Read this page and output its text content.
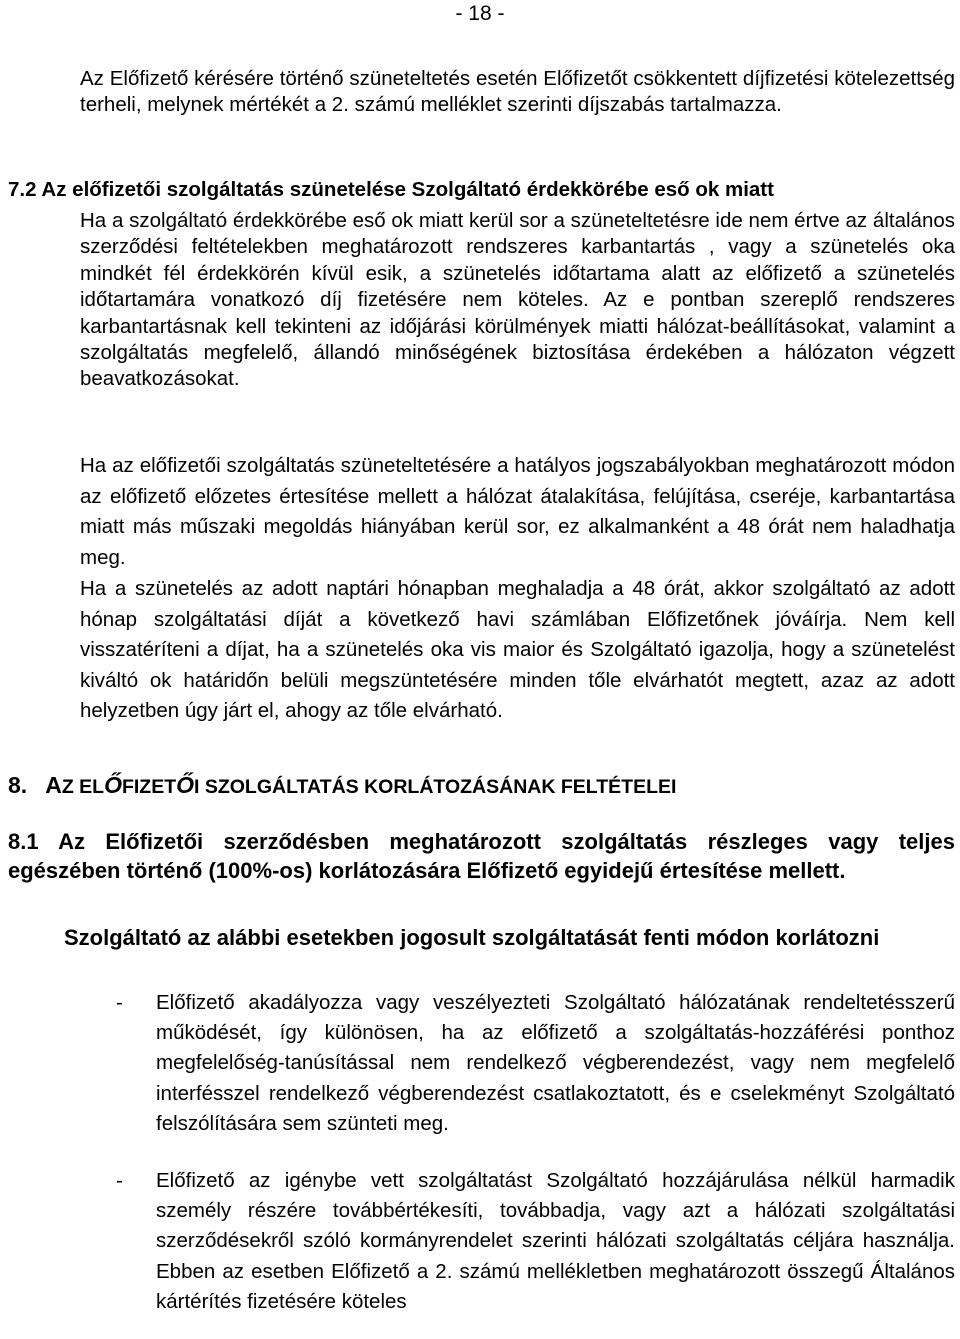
- 18 -

Az Előfizető kérésére történő szüneteltetés esetén Előfizetőt csökkentett díjfizetési kötelezettség terheli, melynek mértékét a 2. számú melléklet szerinti díjszabás tartalmazza.

7.2 Az előfizetői szolgáltatás szünetelése Szolgáltató érdekkörébe eső ok miatt

Ha a szolgáltató érdekkörébe eső ok miatt kerül sor a szüneteltetésre ide nem értve az általános szerződési feltételekben meghatározott rendszeres karbantartás , vagy a szünetelés oka mindkét fél érdekkörén kívül esik, a szünetelés időtartama alatt az előfizető a szünetelés időtartamára vonatkozó díj fizetésére nem köteles. Az e pontban szereplő rendszeres karbantartásnak kell tekinteni az időjárási körülmények miatti hálózat-beállításokat, valamint a szolgáltatás megfelelő, állandó minőségének biztosítása érdekében a hálózaton végzett beavatkozásokat.

Ha az előfizetői szolgáltatás szüneteltetésére a hatályos jogszabályokban meghatározott módon az előfizető előzetes értesítése mellett a hálózat átalakítása, felújítása, cseréje, karbantartása miatt más műszaki megoldás hiányában kerül sor, ez alkalmanként a 48 órát nem haladhatja meg.

Ha a szünetelés az adott naptári hónapban meghaladja a 48 órát, akkor szolgáltató az adott hónap szolgáltatási díját a következő havi számlában Előfizetőnek jóváírja. Nem kell visszatéríteni a díjat, ha a szünetelés oka vis maior és Szolgáltató igazolja, hogy a szünetelést kiváltó ok határidőn belüli megszüntetésére minden tőle elvárhatót megtett, azaz az adott helyzetben úgy járt el, ahogy az tőle elvárható.

8. AZ ELŐFIZETŐI SZOLGÁLTATÁS KORLÁTOZÁSÁNAK FELTÉTELEI

8.1 Az Előfizetői szerződésben meghatározott szolgáltatás részleges vagy teljes egészében történő (100%-os) korlátozására Előfizető egyidejű értesítése mellett.

Szolgáltató az alábbi esetekben jogosult szolgáltatását fenti módon korlátozni

- Előfizető akadályozza vagy veszélyezteti Szolgáltató hálózatának rendeltetésszerű működését, így különösen, ha az előfizető a szolgáltatás-hozzáférési ponthoz megfelelőség-tanúsítással nem rendelkező végberendezést, vagy nem megfelelő interfésszel rendelkező végberendezést csatlakoztatott, és e cselekményt Szolgáltató felszólítására sem szünteti meg.
- Előfizető az igénybe vett szolgáltatást Szolgáltató hozzájárulása nélkül harmadik személy részére továbbértékesíti, továbbadja, vagy azt a hálózati szolgáltatási szerződésekről szóló kormányrendelet szerinti hálózati szolgáltatás céljára használja. Ebben az esetben Előfizető a 2. számú mellékletben meghatározott összegű Általános kártérítés fizetésére köteles
